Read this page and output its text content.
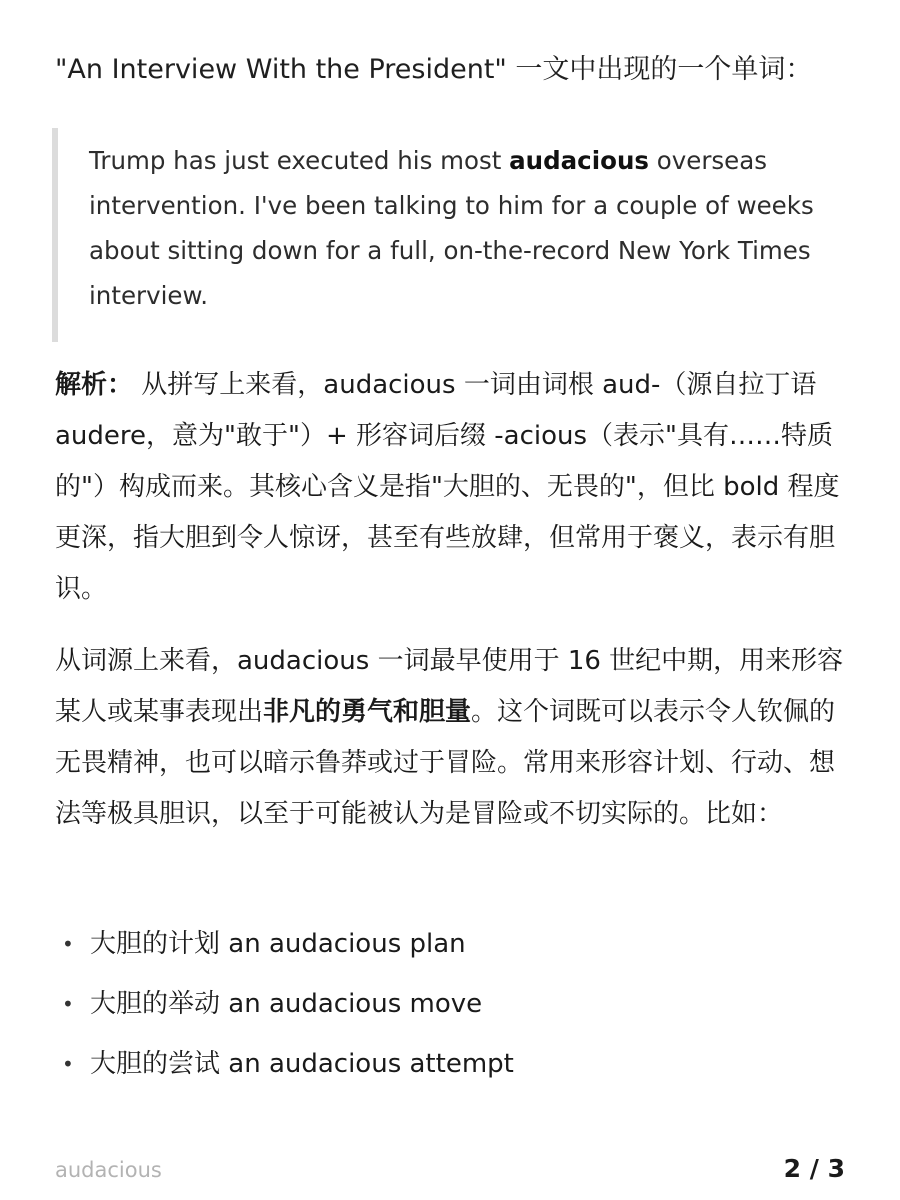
"An Interview With the President" 一文中出现的一个单词：
Trump has just executed his most audacious overseas intervention. I've been talking to him for a couple of weeks about sitting down for a full, on-the-record New York Times interview.
解析： 从拼写上来看，audacious 一词由词根 aud-（源自拉丁语 audere，意为"敢于"）+ 形容词后缀 -acious（表示"具有……特质的"）构成而来。其核心含义是指"大胆的、无畏的"，但比 bold 程度更深，指大胆到令人惊讶，甚至有些放肆，但常用于褒义，表示有胆识。
从词源上来看，audacious 一词最早使用于 16 世纪中期，用来形容某人或某事表现出非凡的勇气和胆量。这个词既可以表示令人钦佩的无畏精神，也可以暗示鲁莽或过于冒险。常用来形容计划、行动、想法等极具胆识，以至于可能被认为是冒险或不切实际的。比如：
• 大胆的计划 an audacious plan
• 大胆的举动 an audacious move
• 大胆的尝试 an audacious attempt
audacious	2 / 3
